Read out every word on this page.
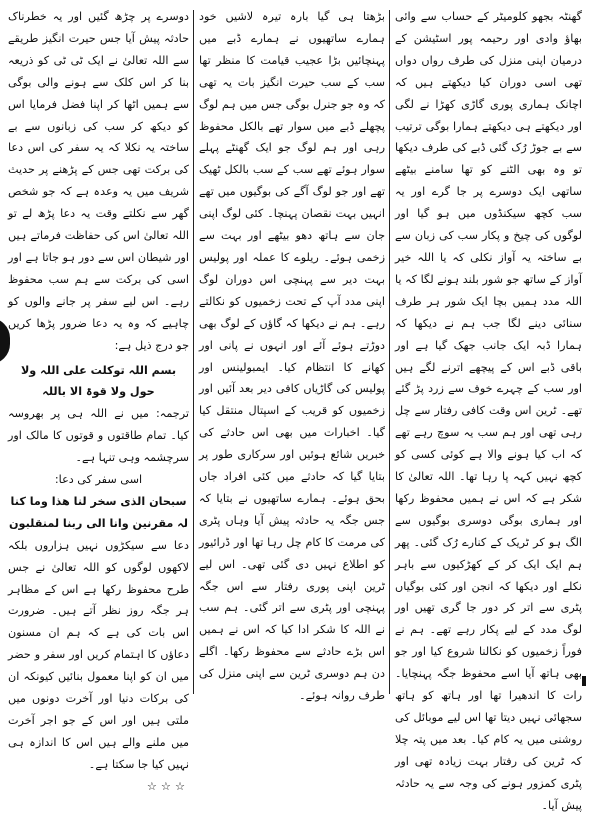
گھنٹہ بجھو کلومیٹر کے حساب سے وائی بھاؤ وادی اور رحیمہ پور اسٹیشن کے درمیان اپنی منزل کی طرف رواں دواں تھی اسی دوران کیا دیکھتے ہیں کہ اچانک ہماری پوری گاڑی کھڑا نے لگی اور دیکھتے ہی دیکھتے ہمارا بوگی ترتیب سے بے جوڑ رُک گئی ڈبے کی طرف دیکھا تو وہ بھی الٹنے کو تھا سامنے بیٹھے ساتھی ایک دوسرے پر جا گرے اور یہ سب کچھ سیکنڈوں میں ہو گیا اور لوگوں کی چیخ و پکار سب کی زبان سے بے ساختہ یہ آواز نکلی کہ یا اللہ خیر آواز کے ساتھ جو شور بلند ہونے لگا کہ یا اللہ مدد ہمیں بچا ایک شور ہر طرف سنائی دینے لگا جب ہم نے دیکھا کہ ہمارا ڈبہ ایک جانب جھک گیا ہے اور باقی ڈبے اس کے پیچھے اترنے لگے ہیں اور سب کے چہرے خوف سے زرد پڑ گئے تھے۔ ٹرین اس وقت کافی رفتار سے چل رہی تھی اور ہم سب یہ سوچ رہے تھے کہ اب کیا ہونے والا ہے کوئی کسی کو کچھ نہیں کہہ پا رہا تھا۔ اللہ تعالیٰ کا شکر ہے کہ اس نے ہمیں محفوظ رکھا اور ہماری بوگی دوسری بوگیوں سے الگ ہو کر ٹریک کے کنارے رُک گئی۔ پھر ہم ایک ایک کر کے کھڑکیوں سے باہر نکلے اور دیکھا کہ انجن اور کئی بوگیاں پٹری سے اتر کر دور جا گری تھیں اور لوگ مدد کے لیے پکار رہے تھے۔ ہم نے فوراً زخمیوں کو نکالنا شروع کیا اور جو بھی ہاتھ آیا اسے محفوظ جگہ پہنچایا۔ رات کا اندھیرا تھا اور ہاتھ کو ہاتھ سجھائی نہیں دیتا تھا اس لیے موبائل کی روشنی میں یہ کام کیا۔ بعد میں پتہ چلا کہ ٹرین کی رفتار بہت زیادہ تھی اور پٹری کمزور ہونے کی وجہ سے یہ حادثہ پیش آیا۔

بڑھتا ہی گیا بارہ تیرہ لاشیں خود ہمارے ساتھیوں نے ہمارے ڈبے میں پہنچائیں بڑا عجیب قیامت کا منظر تھا سب کے سب حیرت انگیز بات یہ تھی کہ وہ جو جنرل بوگی جس میں ہم لوگ پچھلے ڈبے میں سوار تھے بالکل محفوظ رہی اور ہم لوگ جو ایک گھنٹے پہلے سوار ہوئے تھے سب کے سب بالکل ٹھیک تھے اور جو لوگ آگے کی بوگیوں میں تھے انہیں بہت نقصان پہنچا۔ کئی لوگ اپنی جان سے ہاتھ دھو بیٹھے اور بہت سے زخمی ہوئے۔ ریلوے کا عملہ اور پولیس بہت دیر سے پہنچی اس دوران لوگ اپنی مدد آپ کے تحت زخمیوں کو نکالتے رہے۔ ہم نے دیکھا کہ گاؤں کے لوگ بھی دوڑتے ہوئے آئے اور انہوں نے پانی اور کھانے کا انتظام کیا۔ ایمبولینس اور پولیس کی گاڑیاں کافی دیر بعد آئیں اور زخمیوں کو قریب کے اسپتال منتقل کیا گیا۔ اخبارات میں بھی اس حادثے کی خبریں شائع ہوئیں اور سرکاری طور پر بتایا گیا کہ حادثے میں کئی افراد جاں بحق ہوئے۔ ہمارے ساتھیوں نے بتایا کہ جس جگہ یہ حادثہ پیش آیا وہاں پٹری کی مرمت کا کام چل رہا تھا اور ڈرائیور کو اطلاع نہیں دی گئی تھی۔ اس لیے ٹرین اپنی پوری رفتار سے اس جگہ پہنچی اور پٹری سے اتر گئی۔ ہم سب نے اللہ کا شکر ادا کیا کہ اس نے ہمیں اس بڑے حادثے سے محفوظ رکھا۔ اگلے دن ہم دوسری ٹرین سے اپنی منزل کی طرف روانہ ہوئے۔

دوسرے پر چڑھ گئیں اور یہ خطرناک حادثہ پیش آیا جس حیرت انگیز طریقے سے اللہ تعالیٰ نے ایک ٹی ٹی کو ذریعہ بنا کر اس کلک سے ہونے والی بوگی سے ہمیں اٹھا کر اپنا فضل فرمایا اس کو دیکھ کر سب کی زبانوں سے بے ساختہ یہ نکلا کہ یہ سفر کی اس دعا کی برکت تھی جس کے پڑھنے پر حدیث شریف میں یہ وعدہ ہے کہ جو شخص گھر سے نکلتے وقت یہ دعا پڑھ لے تو اللہ تعالیٰ اس کی حفاظت فرماتے ہیں اور شیطان اس سے دور ہو جاتا ہے اور اسی کی برکت سے ہم سب محفوظ رہے۔ اس لیے سفر پر جانے والوں کو چاہیے کہ وہ یہ دعا ضرور پڑھا کریں جو درج ذیل ہے:

بسم اللہ توکلت علی اللہ ولا حول ولا قوۃ الا باللہ

ترجمہ: میں نے اللہ ہی پر بھروسہ کیا۔ تمام طاقتوں و قوتوں کا مالک اور سرچشمہ وہی تنہا ہے۔

اسی سفر کی دعا:

سبحان الذی سخر لنا ھذا وما کنا لہ مقرنین وانا الی ربنا لمنقلبون

دعا سے سیکڑوں نہیں ہزاروں بلکہ لاکھوں لوگوں کو اللہ تعالیٰ نے جس طرح محفوظ رکھا ہے اس کے مظاہر ہر جگہ روز نظر آتے ہیں۔ ضرورت اس بات کی ہے کہ ہم ان مسنون دعاؤں کا اہتمام کریں اور سفر و حضر میں ان کو اپنا معمول بنائیں کیونکہ ان کی برکات دنیا اور آخرت دونوں میں ملتی ہیں اور اس کے جو اجر آخرت میں ملنے والے ہیں اس کا اندازہ ہی نہیں کیا جا سکتا ہے۔

☆☆☆
